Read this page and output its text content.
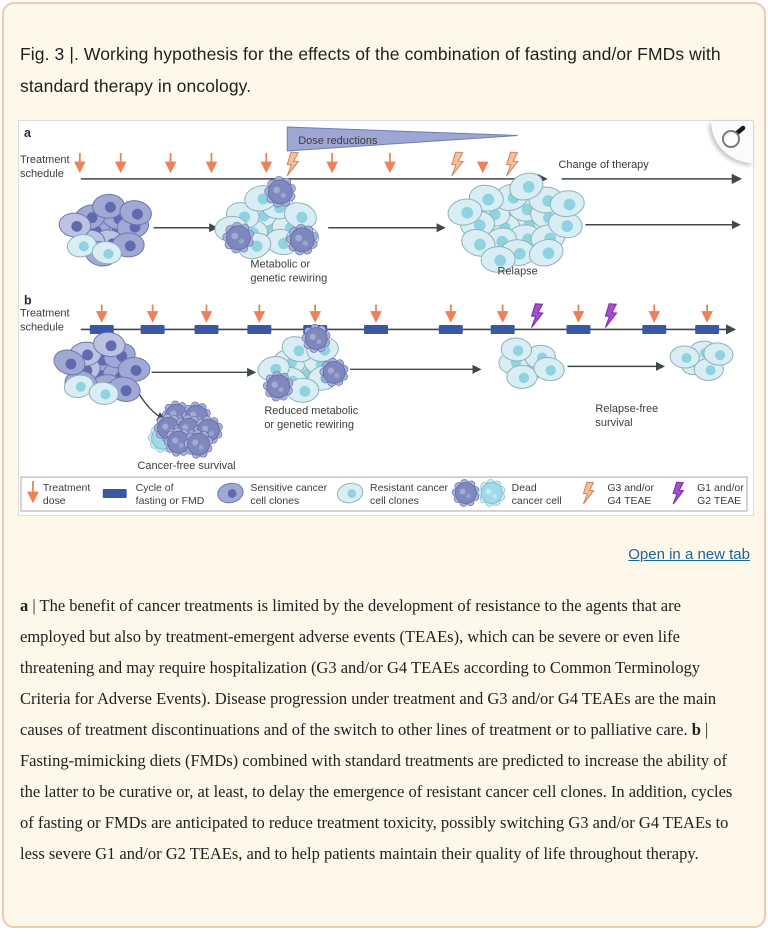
Fig. 3 |. Working hypothesis for the effects of the combination of fasting and/or FMDs with standard therapy in oncology.
a
Treatment
schedule
Dose reductions
Change of therapy
Metabolic or
genetic rewiring
Relapse
b
Treatment
schedule
Cancer-free survival
Reduced metabolic
or genetic rewiring
Relapse-free
survival
Treatment
dose
Cycle of
fasting or FMD
Sensitive cancer
cell clones
Resistant cancer
cell clones
Dead
cancer cell
G3 and/or
G4 TEAE
G1 and/or
G2 TEAE
Open in a new tab

a | The benefit of cancer treatments is limited by the development of resistance to the agents that are employed but also by treatment-emergent adverse events (TEAEs), which can be severe or even life threatening and may require hospitalization (G3 and/or G4 TEAEs according to Common Terminology Criteria for Adverse Events). Disease progression under treatment and G3 and/or G4 TEAEs are the main causes of treatment discontinuations and of the switch to other lines of treatment or to palliative care. b | Fasting-mimicking diets (FMDs) combined with standard treatments are predicted to increase the ability of the latter to be curative or, at least, to delay the emergence of resistant cancer cell clones. In addition, cycles of fasting or FMDs are anticipated to reduce treatment toxicity, possibly switching G3 and/or G4 TEAEs to less severe G1 and/or G2 TEAEs, and to help patients maintain their quality of life throughout therapy.
